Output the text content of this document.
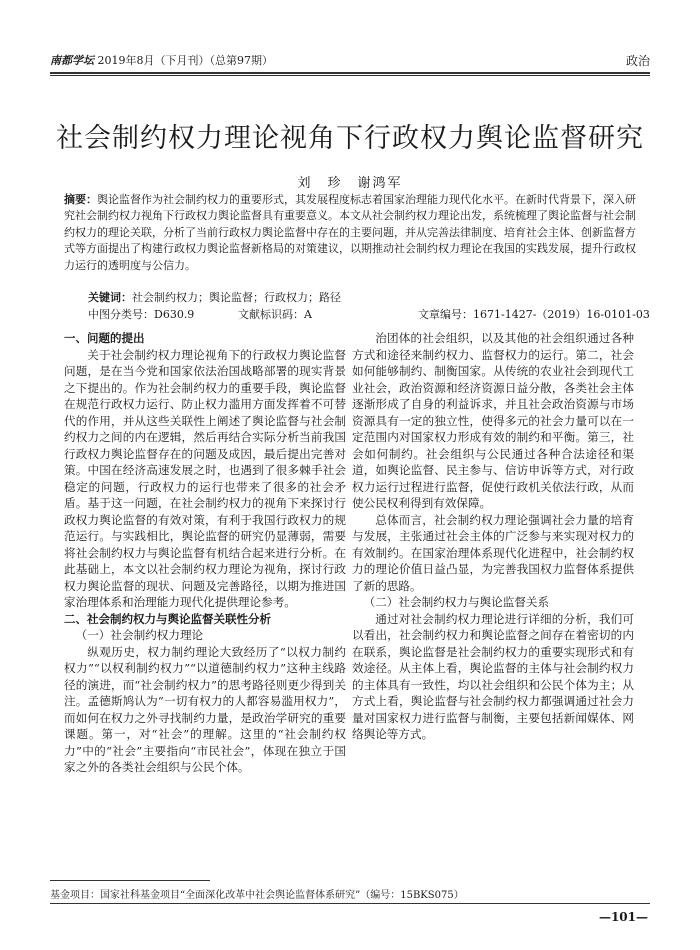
南都学坛 2019年8月（下月刊）（总第97期）	政治
社会制约权力理论视角下行政权力舆论监督研究
刘　珍　谢鸿军
摘要：舆论监督作为社会制约权力的重要形式，其发展程度标志着国家治理能力现代化水平。在新时代背景下，深入研究社会制约权力视角下行政权力舆论监督具有重要意义。本文从社会制约权力理论出发，系统梳理了舆论监督与社会制约权力的理论关联，分析了当前行政权力舆论监督中存在的主要问题，并从完善法律制度、培育社会主体、创新监督方式等方面提出了构建行政权力舆论监督新格局的对策建议，以期推动社会制约权力理论在我国的实践发展，提升行政权力运行的透明度与公信力。
关键词：社会制约权力；舆论监督；行政权力；路径
中图分类号：D630.9	文献标识码：A	文章编号：1671-1427-（2019）16-0101-03

一、问题的提出

关于社会制约权力理论视角下的行政权力舆论监督问题，是在当今党和国家依法治国战略部署的现实背景之下提出的。作为社会制约权力的重要手段，舆论监督在规范行政权力运行、防止权力滥用方面发挥着不可替代的作用，并从这些关联性上阐述了舆论监督与社会制约权力之间的内在逻辑，然后再结合实际分析当前我国行政权力舆论监督存在的问题及成因，最后提出完善对策。中国在经济高速发展之时，也遇到了很多棘手社会稳定的问题，行政权力的运行也带来了很多的社会矛盾。基于这一问题，在社会制约权力的视角下来探讨行政权力舆论监督的有效对策，有利于我国行政权力的规范运行。与实践相比，舆论监督的研究仍显薄弱，需要将社会制约权力与舆论监督有机结合起来进行分析。在此基础上，本文以社会制约权力理论为视角，探讨行政权力舆论监督的现状、问题及完善路径，以期为推进国家治理体系和治理能力现代化提供理论参考。

二、社会制约权力与舆论监督关联性分析

（一）社会制约权力理论

纵观历史，权力制约理论大致经历了“以权力制约权力”“以权利制约权力”“以道德制约权力”这种主线路径的演进，而“社会制约权力”的思考路径则更少得到关注。孟德斯鸠认为“一切有权力的人都容易滥用权力”，而如何在权力之外寻找制约力量，是政治学研究的重要课题。第一，对“社会”的理解。这里的“社会制约权力”中的“社会”主要指向“市民社会”，体现在独立于国家之外的各类社会组织与公民个体。

治团体的社会组织，以及其他的社会组织通过各种方式和途径来制约权力、监督权力的运行。第二，社会如何能够制约、制衡国家。从传统的农业社会到现代工业社会，政治资源和经济资源日益分散，各类社会主体逐渐形成了自身的利益诉求，并且社会政治资源与市场资源具有一定的独立性，使得多元的社会力量可以在一定范围内对国家权力形成有效的制约和平衡。第三，社会如何制约。社会组织与公民通过各种合法途径和渠道，如舆论监督、民主参与、信访申诉等方式，对行政权力运行过程进行监督，促使行政机关依法行政，从而使公民权利得到有效保障。

总体而言，社会制约权力理论强调社会力量的培育与发展，主张通过社会主体的广泛参与来实现对权力的有效制约。在国家治理体系现代化进程中，社会制约权力的理论价值日益凸显，为完善我国权力监督体系提供了新的思路。

（二）社会制约权力与舆论监督关系

通过对社会制约权力理论进行详细的分析，我们可以看出，社会制约权力和舆论监督之间存在着密切的内在联系，舆论监督是社会制约权力的重要实现形式和有效途径。从主体上看，舆论监督的主体与社会制约权力的主体具有一致性，均以社会组织和公民个体为主；从方式上看，舆论监督与社会制约权力都强调通过社会力量对国家权力进行监督与制衡，主要包括新闻媒体、网络舆论等方式。

基金项目：国家社科基金项目“全面深化改革中社会舆论监督体系研究”（编号：15BKS075）
—101—
